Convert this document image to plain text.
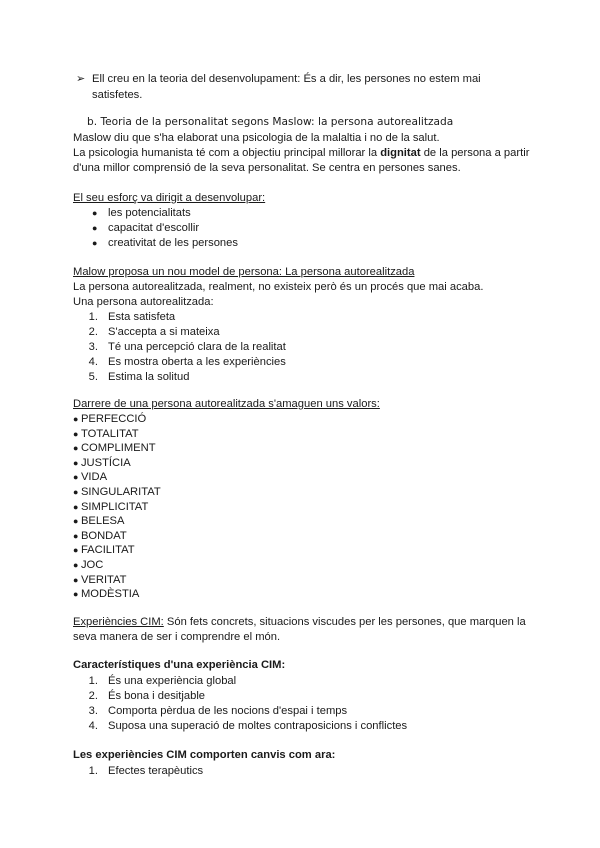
➢ Ell creu en la teoria del desenvolupament: És a dir, les persones no estem mai
satisfetes.
b. Teoria de la personalitat segons Maslow: la persona autorealitzada
Maslow diu que s'ha elaborat una psicologia de la malaltia i no de la salut.
La psicologia humanista té com a objectiu principal millorar la dignitat de la persona a partir
d'una millor comprensió de la seva personalitat. Se centra en persones sanes.
El seu esforç va dirigit a desenvolupar:
● les potencialitats
● capacitat d'escollir
● creativitat de les persones
Malow proposa un nou model de persona: La persona autorealitzada
La persona autorealitzada, realment, no existeix però és un procés que mai acaba.
Una persona autorealitzada:
1. Esta satisfeta
2. S'accepta a si mateixa
3. Té una percepció clara de la realitat
4. Es mostra oberta a les experiències
5. Estima la solitud
Darrere de una persona autorealitzada s'amaguen uns valors:
● PERFECCIÓ
● TOTALITAT
● COMPLIMENT
● JUSTÍCIA
● VIDA
● SINGULARITAT
● SIMPLICITAT
● BELESA
● BONDAT
● FACILITAT
● JOC
● VERITAT
● MODÈSTIA
Experiències CIM: Són fets concrets, situacions viscudes per les persones, que marquen la
seva manera de ser i comprendre el món.
Característiques d'una experiència CIM:
1. És una experiència global
2. És bona i desitjable
3. Comporta pèrdua de les nocions d'espai i temps
4. Suposa una superació de moltes contraposicions i conflictes
Les experiències CIM comporten canvis com ara:
1. Efectes terapèutics
